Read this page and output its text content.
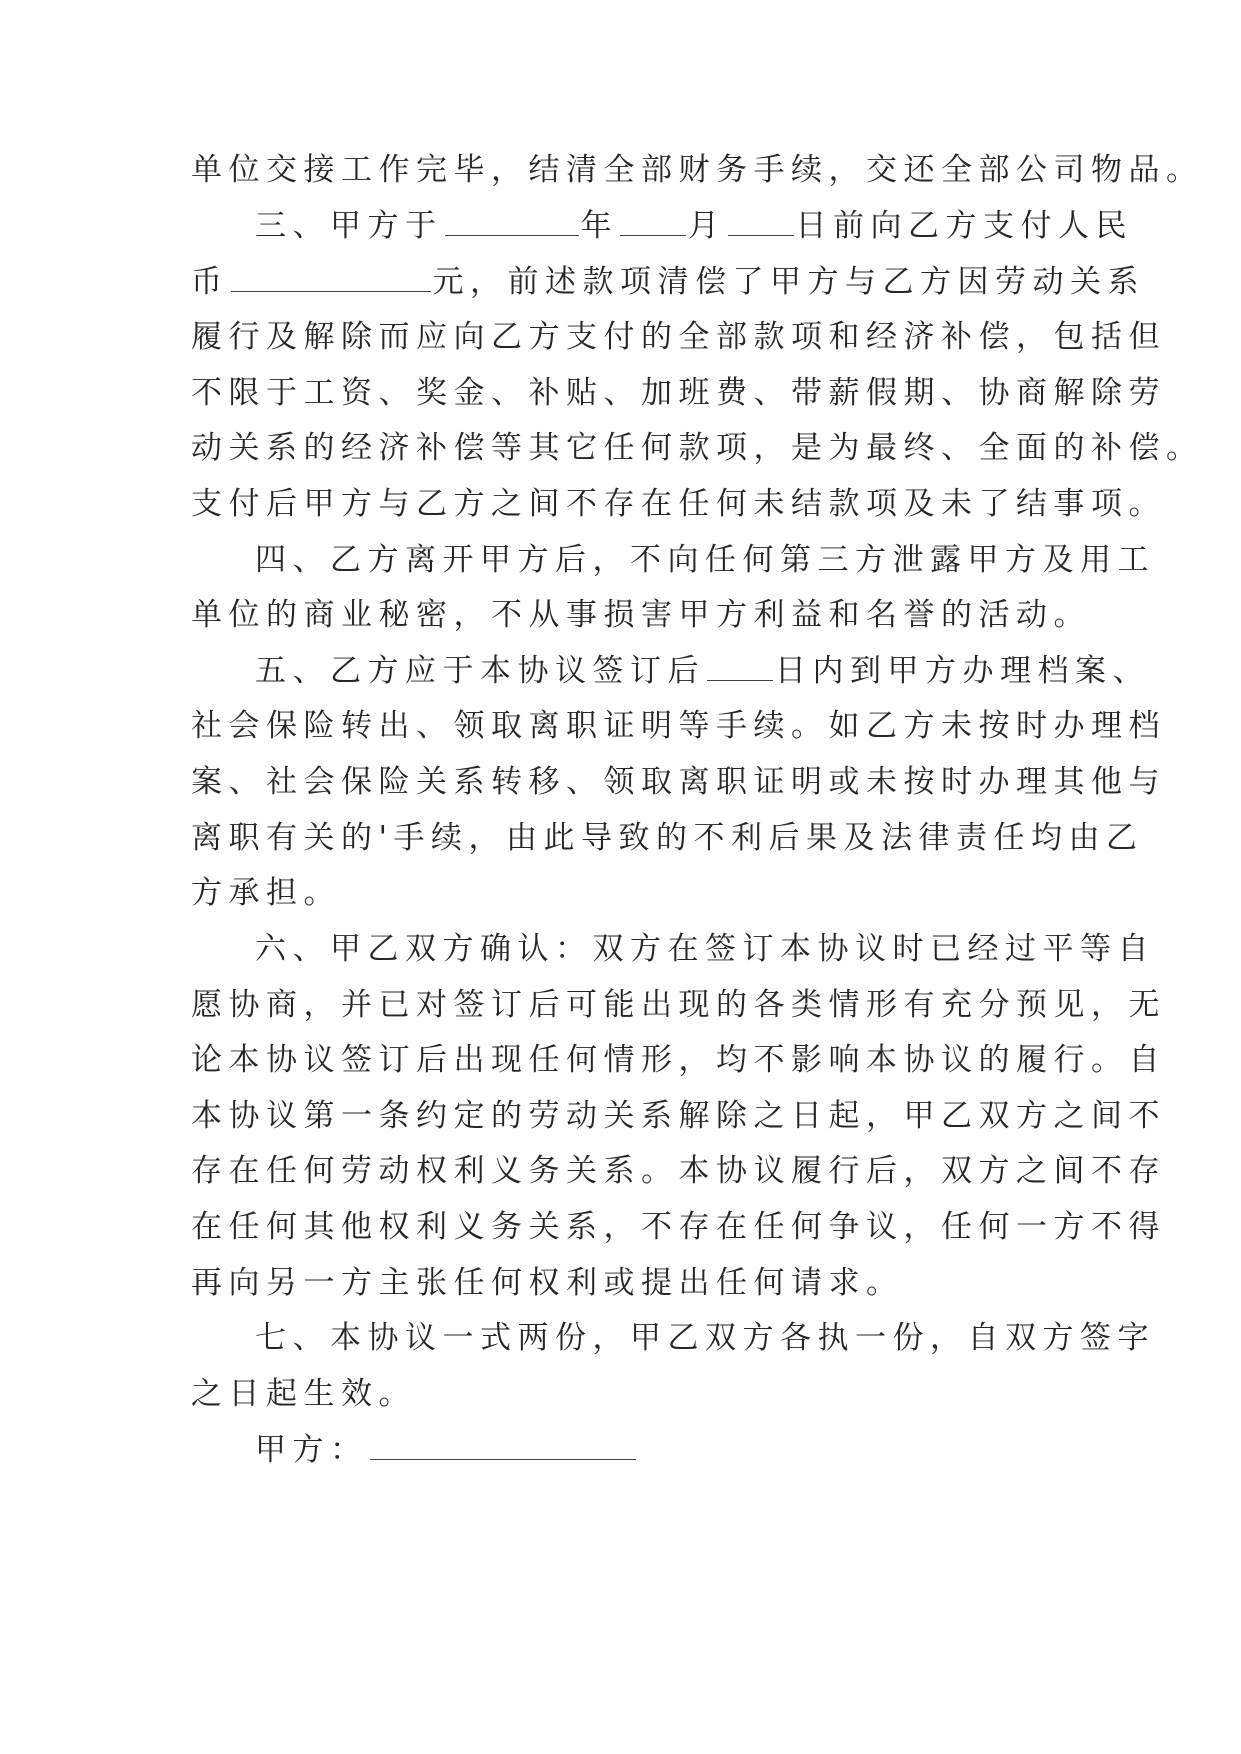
单位交接工作完毕，结清全部财务手续，交还全部公司物品。
三、甲方于	年 月 日前向乙方支付人民
币	元，前述款项清偿了甲方与乙方因劳动关系
履行及解除而应向乙方支付的全部款项和经济补偿，包括但
不限于工资、奖金、补贴、加班费、带薪假期、协商解除劳
动关系的经济补偿等其它任何款项，是为最终、全面的补偿。
支付后甲方与乙方之间不存在任何未结款项及未了结事项。
四、乙方离开甲方后，不向任何第三方泄露甲方及用工
单位的商业秘密，不从事损害甲方利益和名誉的活动。
五、乙方应于本协议签订后 日内到甲方办理档案、
社会保险转出、领取离职证明等手续。如乙方未按时办理档
案、社会保险关系转移、领取离职证明或未按时办理其他与
离职有关的'手续，由此导致的不利后果及法律责任均由乙
方承担。
六、甲乙双方确认：双方在签订本协议时已经过平等自
愿协商，并已对签订后可能出现的各类情形有充分预见，无
论本协议签订后出现任何情形，均不影响本协议的履行。自
本协议第一条约定的劳动关系解除之日起，甲乙双方之间不
存在任何劳动权利义务关系。本协议履行后，双方之间不存
在任何其他权利义务关系，不存在任何争议，任何一方不得
再向另一方主张任何权利或提出任何请求。
七、本协议一式两份，甲乙双方各执一份，自双方签字
之日起生效。
甲方：
